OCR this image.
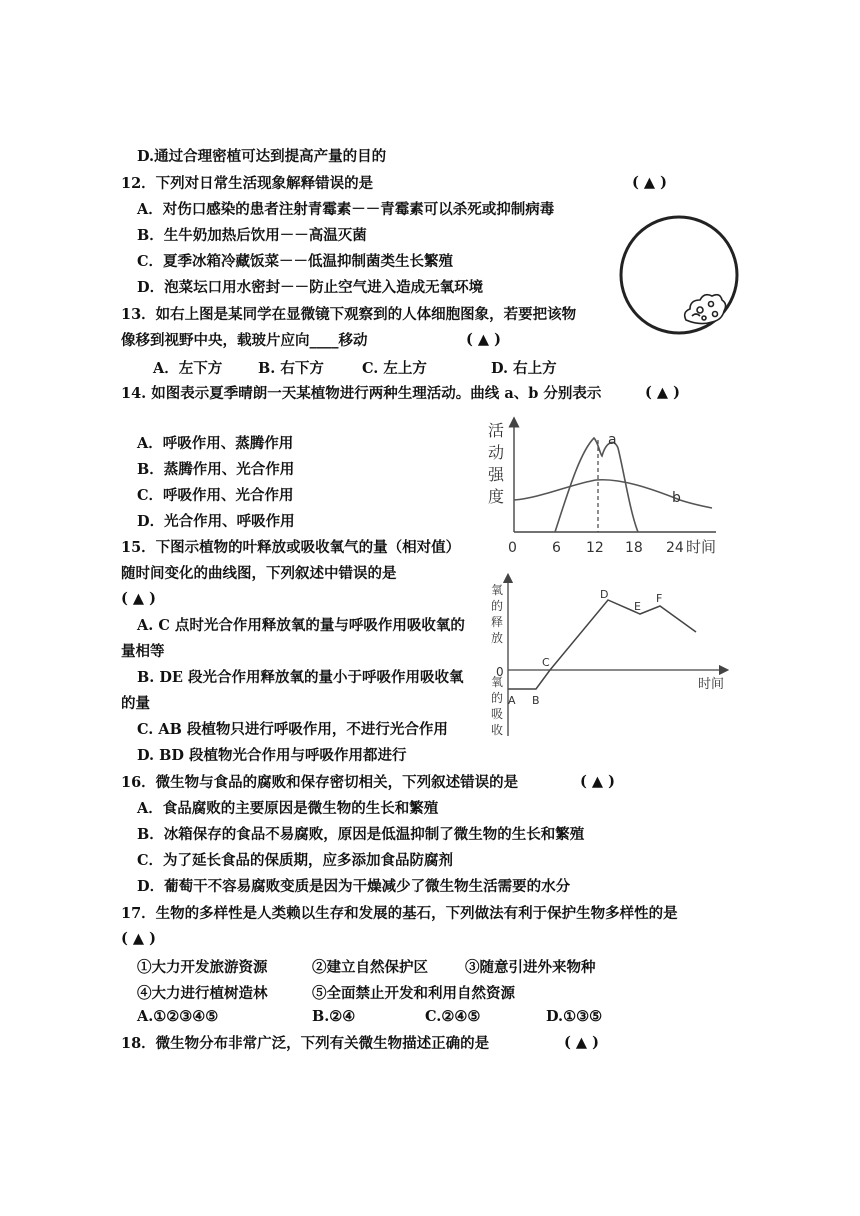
D.通过合理密植可达到提高产量的目的
12．下列对日常生活现象解释错误的是	( ▲ )
A．对伤口感染的患者注射青霉素－－青霉素可以杀死或抑制病毒
B．生牛奶加热后饮用－－高温灭菌
C．夏季冰箱冷藏饭菜－－低温抑制菌类生长繁殖
D．泡菜坛口用水密封－－防止空气进入造成无氧环境
13．如右上图是某同学在显微镜下观察到的人体细胞图象，若要把该物
像移到视野中央，载玻片应向____移动	( ▲ )
A．左下方 B. 右下方	C. 左上方	D. 右上方
14. 如图表示夏季晴朗一天某植物进行两种生理活动。曲线 a、b 分别表示	( ▲ )
A．呼吸作用、蒸腾作用
B．蒸腾作用、光合作用
C．呼吸作用、光合作用
D．光合作用、呼吸作用
活
动
强
度
a
b
0	6 12 18 24 时间
15．下图示植物的叶释放或吸收氧气的量（相对值）
随时间变化的曲线图，下列叙述中错误的是
( ▲ )
A. C 点时光合作用释放氧的量与呼吸作用吸收氧的
量相等
B. DE 段光合作用释放氧的量小于呼吸作用吸收氧
的量
C. AB 段植物只进行呼吸作用，不进行光合作用
D. BD 段植物光合作用与呼吸作用都进行
氧
的
释
放
氧
的
吸
收
0
时间
A B
C
D
E
F
16．微生物与食品的腐败和保存密切相关，下列叙述错误的是	( ▲ )
A．食品腐败的主要原因是微生物的生长和繁殖
B．冰箱保存的食品不易腐败，原因是低温抑制了微生物的生长和繁殖
C．为了延长食品的保质期，应多添加食品防腐剂
D．葡萄干不容易腐败变质是因为干燥减少了微生物生活需要的水分
17．生物的多样性是人类赖以生存和发展的基石，下列做法有利于保护生物多样性的是
( ▲ )
①大力开发旅游资源	②建立自然保护区	③随意引进外来物种
④大力进行植树造林	⑤全面禁止开发和利用自然资源
A.①②③④⑤	B.②④	C.②④⑤	D.①③⑤
18．微生物分布非常广泛，下列有关微生物描述正确的是	( ▲ )
